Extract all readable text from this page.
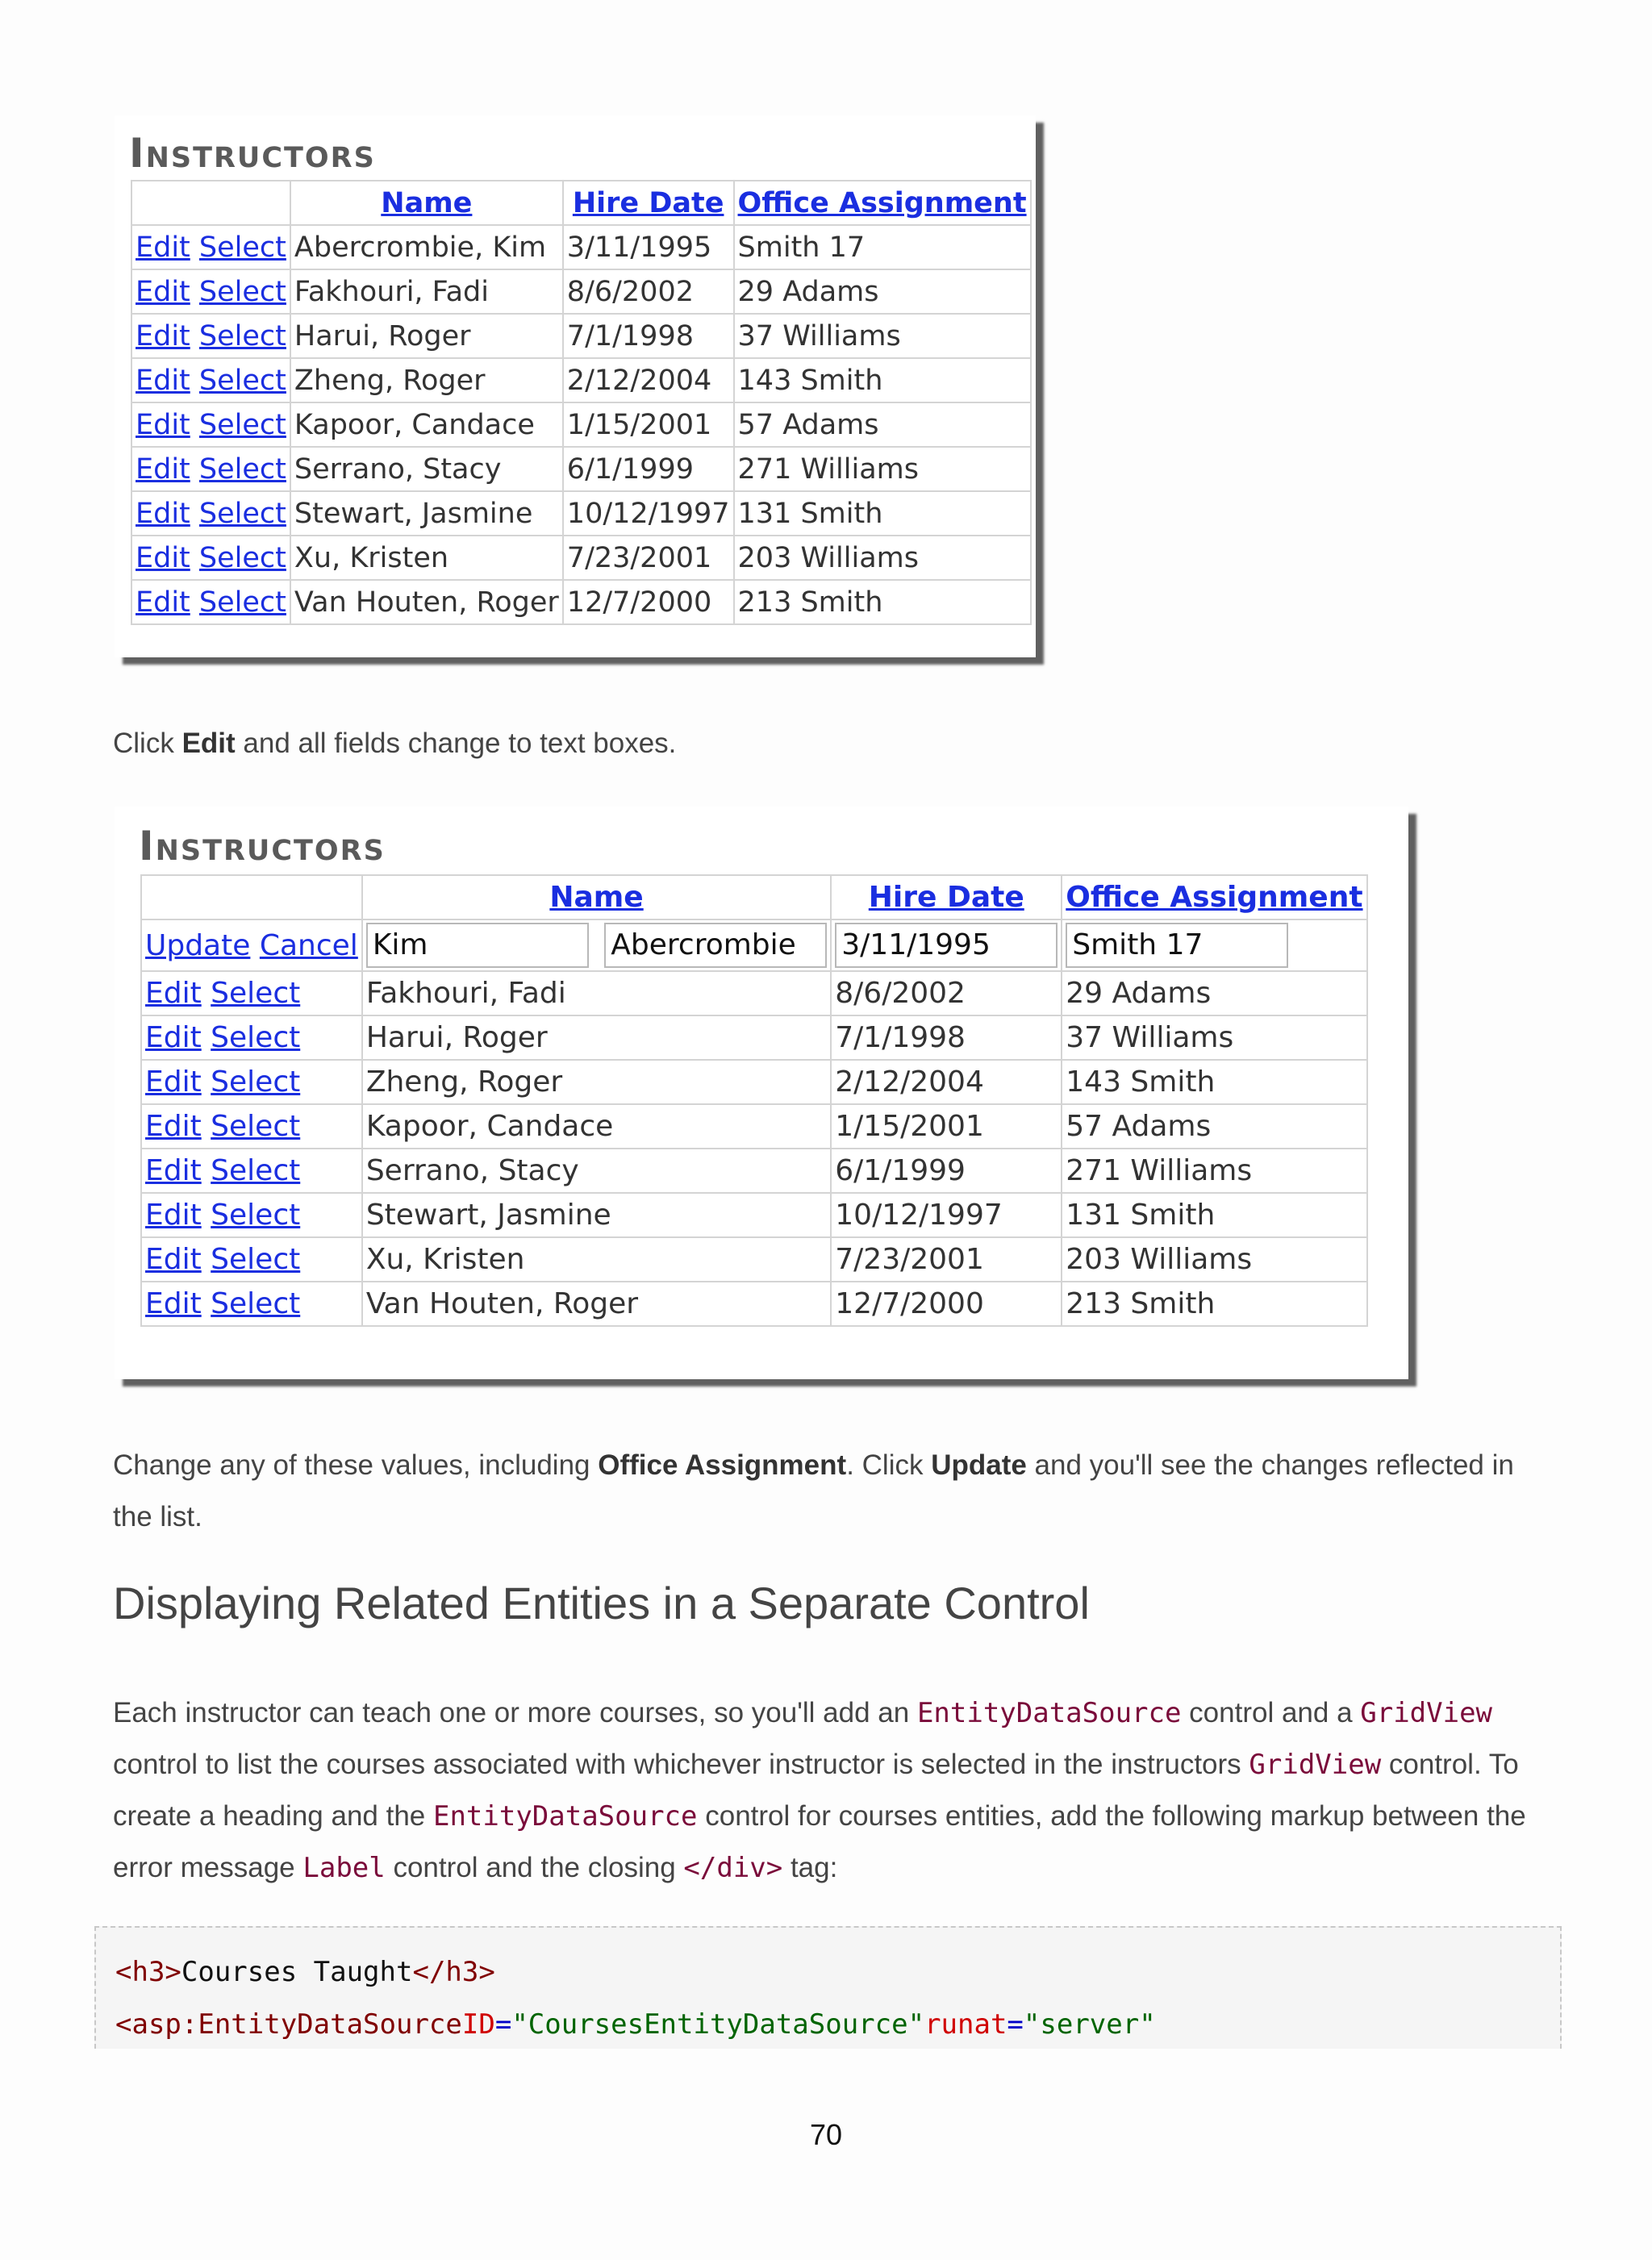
Instructors
	Name	Hire Date	Office Assignment
Edit Select	Abercrombie, Kim	3/11/1995	Smith 17
Edit Select	Fakhouri, Fadi	8/6/2002	29 Adams
Edit Select	Harui, Roger	7/1/1998	37 Williams
Edit Select	Zheng, Roger	2/12/2004	143 Smith
Edit Select	Kapoor, Candace	1/15/2001	57 Adams
Edit Select	Serrano, Stacy	6/1/1999	271 Williams
Edit Select	Stewart, Jasmine	10/12/1997	131 Smith
Edit Select	Xu, Kristen	7/23/2001	203 Williams
Edit Select	Van Houten, Roger	12/7/2000	213 Smith
Click Edit and all fields change to text boxes.
Instructors
	Name	Hire Date	Office Assignment
Update Cancel	Kim Abercrombie	3/11/1995	Smith 17
Edit Select	Fakhouri, Fadi	8/6/2002	29 Adams
Edit Select	Harui, Roger	7/1/1998	37 Williams
Edit Select	Zheng, Roger	2/12/2004	143 Smith
Edit Select	Kapoor, Candace	1/15/2001	57 Adams
Edit Select	Serrano, Stacy	6/1/1999	271 Williams
Edit Select	Stewart, Jasmine	10/12/1997	131 Smith
Edit Select	Xu, Kristen	7/23/2001	203 Williams
Edit Select	Van Houten, Roger	12/7/2000	213 Smith
Change any of these values, including Office Assignment. Click Update and you'll see the changes reflected in the list.
Displaying Related Entities in a Separate Control
Each instructor can teach one or more courses, so you'll add an EntityDataSource control and a GridView control to list the courses associated with whichever instructor is selected in the instructors GridView control. To create a heading and the EntityDataSource control for courses entities, add the following markup between the error message Label control and the closing </div> tag:
<h3>Courses Taught</h3>
<asp:EntityDataSourceID="CoursesEntityDataSource"runat="server"
70
